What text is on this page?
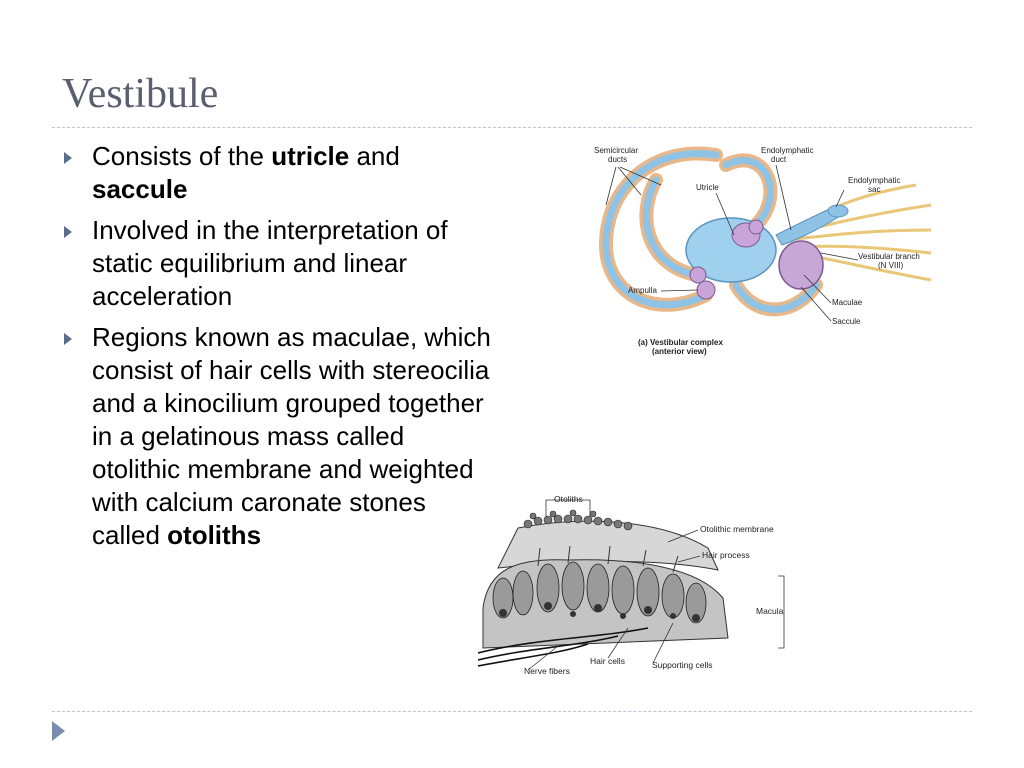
Vestibule
Consists of the utricle and
saccule
Involved in the interpretation of static equilibrium and linear acceleration
Regions known as maculae, which consist of hair cells with stereocilia and a kinocilium grouped together in a gelatinous mass called otolithic membrane and weighted with calcium caronate stones called otoliths
Semicircular
ducts
Endolymphatic
duct
Utricle
Endolymphatic
sac
Vestibular branch
(N VIII)
Ampulla
Maculae
Saccule
(a) Vestibular complex
(anterior view)
Otoliths
Otolithic membrane
Hair process
Macula
Hair cells	Supporting cells
Nerve fibers
